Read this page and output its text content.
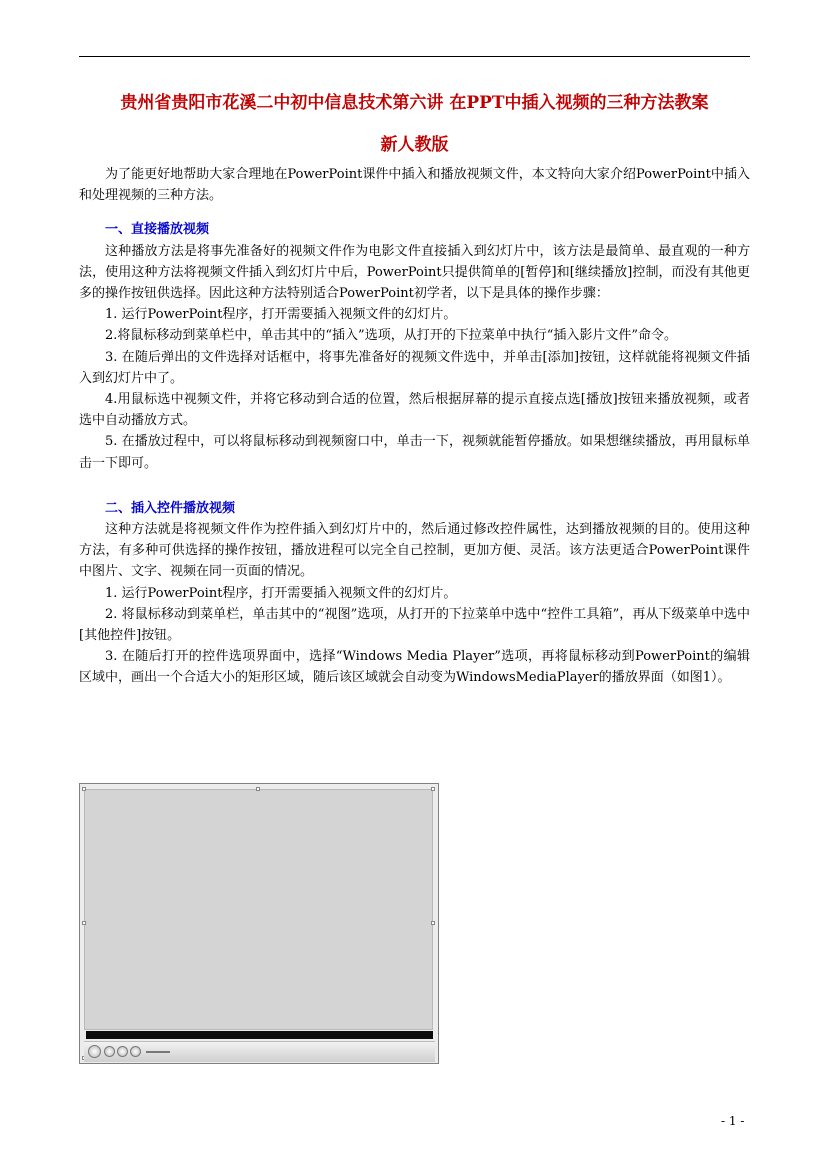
贵州省贵阳市花溪二中初中信息技术第六讲 在PPT中插入视频的三种方法教案
新人教版

为了能更好地帮助大家合理地在PowerPoint课件中插入和播放视频文件，本文特向大家介绍PowerPoint中插入和处理视频的三种方法。

一、直接播放视频

这种播放方法是将事先准备好的视频文件作为电影文件直接插入到幻灯片中，该方法是最简单、最直观的一种方法，使用这种方法将视频文件插入到幻灯片中后，PowerPoint只提供简单的[暂停]和[继续播放]控制，而没有其他更多的操作按钮供选择。因此这种方法特别适合PowerPoint初学者，以下是具体的操作步骤：

1. 运行PowerPoint程序，打开需要插入视频文件的幻灯片。

2.将鼠标移动到菜单栏中，单击其中的“插入”选项，从打开的下拉菜单中执行“插入影片文件”命令。

3. 在随后弹出的文件选择对话框中，将事先准备好的视频文件选中，并单击[添加]按钮，这样就能将视频文件插入到幻灯片中了。

4.用鼠标选中视频文件，并将它移动到合适的位置，然后根据屏幕的提示直接点选[播放]按钮来播放视频，或者选中自动播放方式。

5. 在播放过程中，可以将鼠标移动到视频窗口中，单击一下，视频就能暂停播放。如果想继续播放，再用鼠标单击一下即可。

二、插入控件播放视频

这种方法就是将视频文件作为控件插入到幻灯片中的，然后通过修改控件属性，达到播放视频的目的。使用这种方法，有多种可供选择的操作按钮，播放进程可以完全自己控制，更加方便、灵活。该方法更适合PowerPoint课件中图片、文字、视频在同一页面的情况。

1. 运行PowerPoint程序，打开需要插入视频文件的幻灯片。

2. 将鼠标移动到菜单栏，单击其中的“视图”选项，从打开的下拉菜单中选中“控件工具箱”，再从下级菜单中选中[其他控件]按钮。

3. 在随后打开的控件选项界面中，选择“Windows Media Player”选项，再将鼠标移动到PowerPoint的编辑区域中，画出一个合适大小的矩形区域，随后该区域就会自动变为WindowsMediaPlayer的播放界面（如图1）。

- 1 -
